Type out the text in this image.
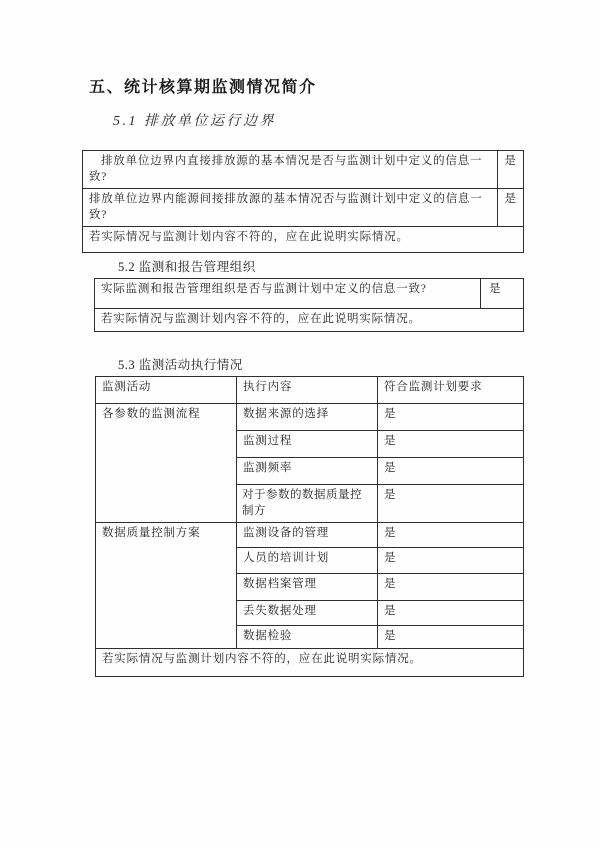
五、统计核算期监测情况简介
5.1 排放单位运行边界
排放单位边界内直接排放源的基本情况是否与监测计划中定义的信息一致?	是
排放单位边界内能源间接排放源的基本情况否与监测计划中定义的信息一致?	是
若实际情况与监测计划内容不符的，应在此说明实际情况。	
5.2 监测和报告管理组织
实际监测和报告管理组织是否与监测计划中定义的信息一致?	是
若实际情况与监测计划内容不符的，应在此说明实际情况。
5.3 监测活动执行情况
监测活动	执行内容	符合监测计划要求
各参数的监测流程	数据来源的选择	是
	监测过程	是
	监测频率	是
	对于参数的数据质量控制方	是
数据质量控制方案	监测设备的管理	是
	人员的培训计划	是
	数据档案管理	是
	丢失数据处理	是
	数据检验	是
若实际情况与监测计划内容不符的，应在此说明实际情况。		
